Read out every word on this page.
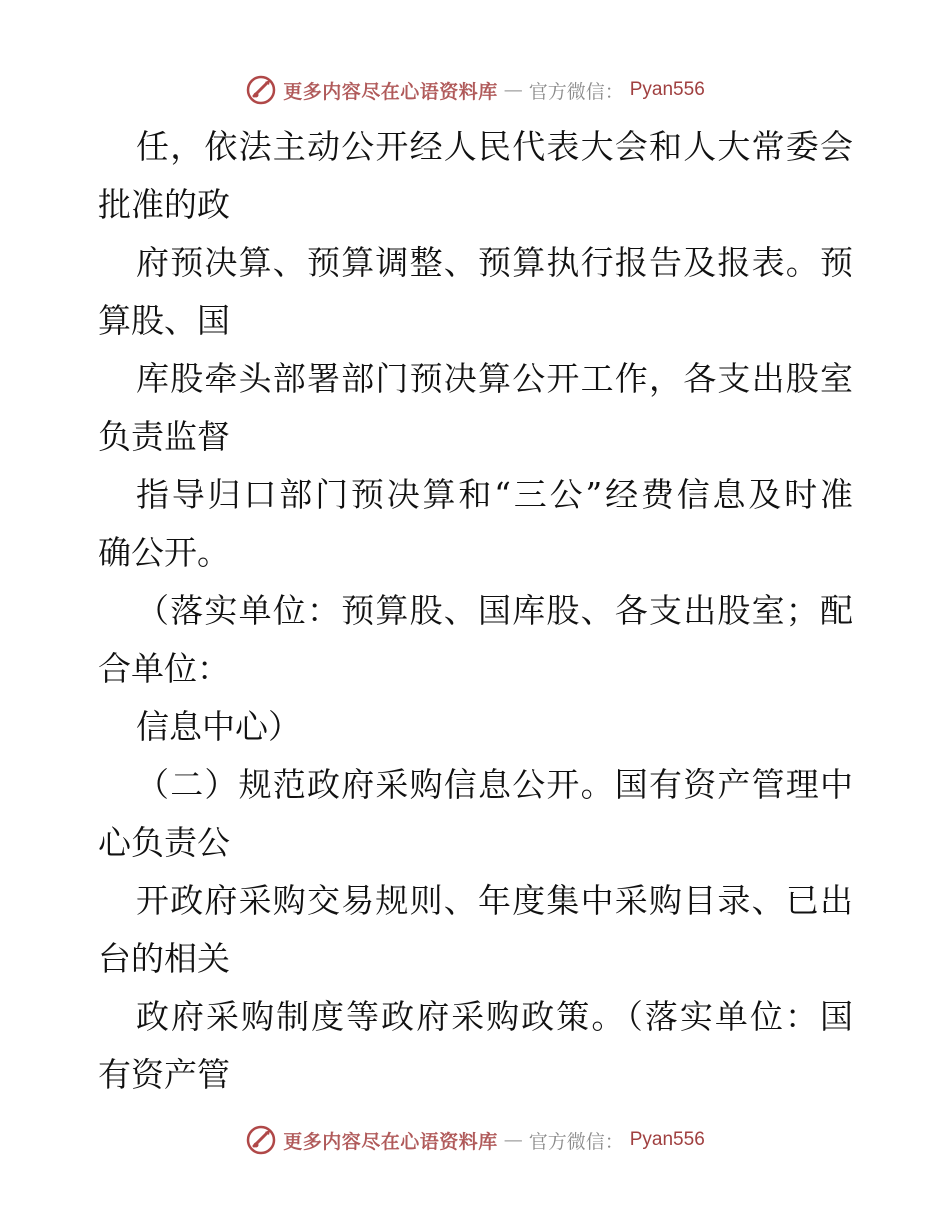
更多内容尽在心语资料库 — 官方微信： Pyan556
任，依法主动公开经人民代表大会和人大常委会
批准的政
府预决算、预算调整、预算执行报告及报表。预
算股、国
库股牵头部署部门预决算公开工作，各支出股室
负责监督
指导归口部门预决算和“三公”经费信息及时准
确公开。
（落实单位：预算股、国库股、各支出股室；配
合单位：
信息中心）
（二）规范政府采购信息公开。国有资产管理中
心负责公
开政府采购交易规则、年度集中采购目录、已出
台的相关
政府采购制度等政府采购政策。（落实单位：国
有资产管
更多内容尽在心语资料库 — 官方微信： Pyan556
